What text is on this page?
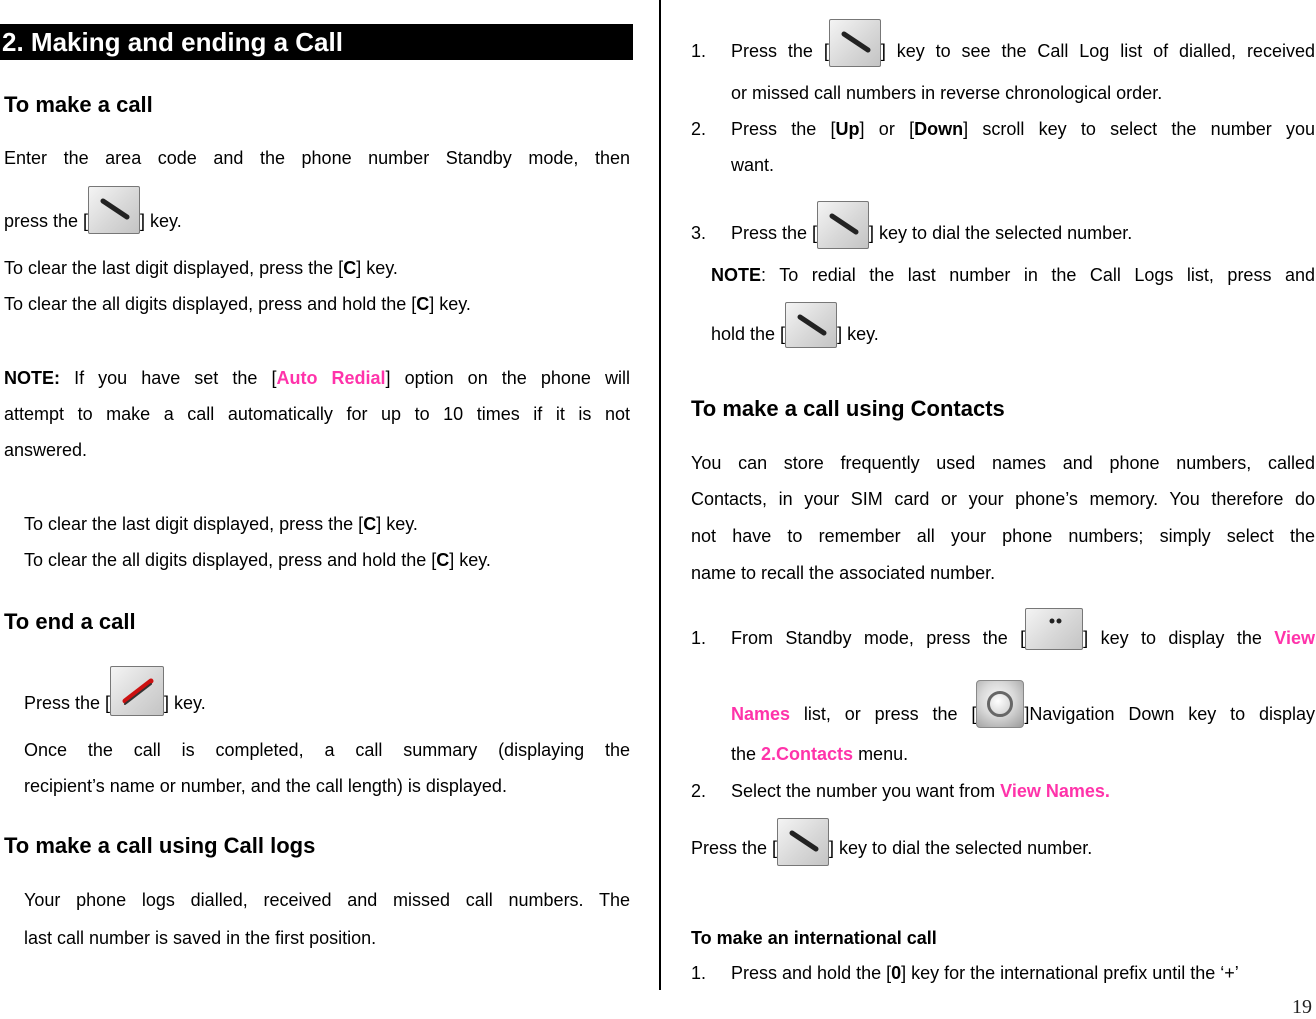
2. Making and ending a Call
To make a call
Enter the area code and the phone number Standby mode, then
press the [	] key.
To clear the last digit displayed, press the [C] key.
To clear the all digits displayed, press and hold the [C] key.
NOTE: If you have set the [Auto Redial] option on the phone will
attempt to make a call automatically for up to 10 times if it is not
answered.
To clear the last digit displayed, press the [C] key.
To clear the all digits displayed, press and hold the [C] key.
To end a call
Press the [	] key.
Once the call is completed, a call summary (displaying the
recipient’s name or number, and the call length) is displayed.
To make a call using Call logs
Your phone logs dialled, received and missed call numbers. The
last call number is saved in the first position.
1. Press the [	] key to see the Call Log list of dialled, received
or missed call numbers in reverse chronological order.
2. Press the [Up] or [Down] scroll key to select the number you
want.
3. Press the [	] key to dial the selected number.
NOTE: To redial the last number in the Call Logs list, press and
hold the [	] key.
To make a call using Contacts
You can store frequently used names and phone numbers, called
Contacts, in your SIM card or your phone’s memory. You therefore do
not have to remember all your phone numbers; simply select the
name to recall the associated number.
1. From Standby mode, press the [	] key to display the View
Names list, or press the [	]Navigation Down key to display
the 2.Contacts menu.
2. Select the number you want from View Names.
Press the [	] key to dial the selected number.
To make an international call
1. Press and hold the [0] key for the international prefix until the ‘+’
19
